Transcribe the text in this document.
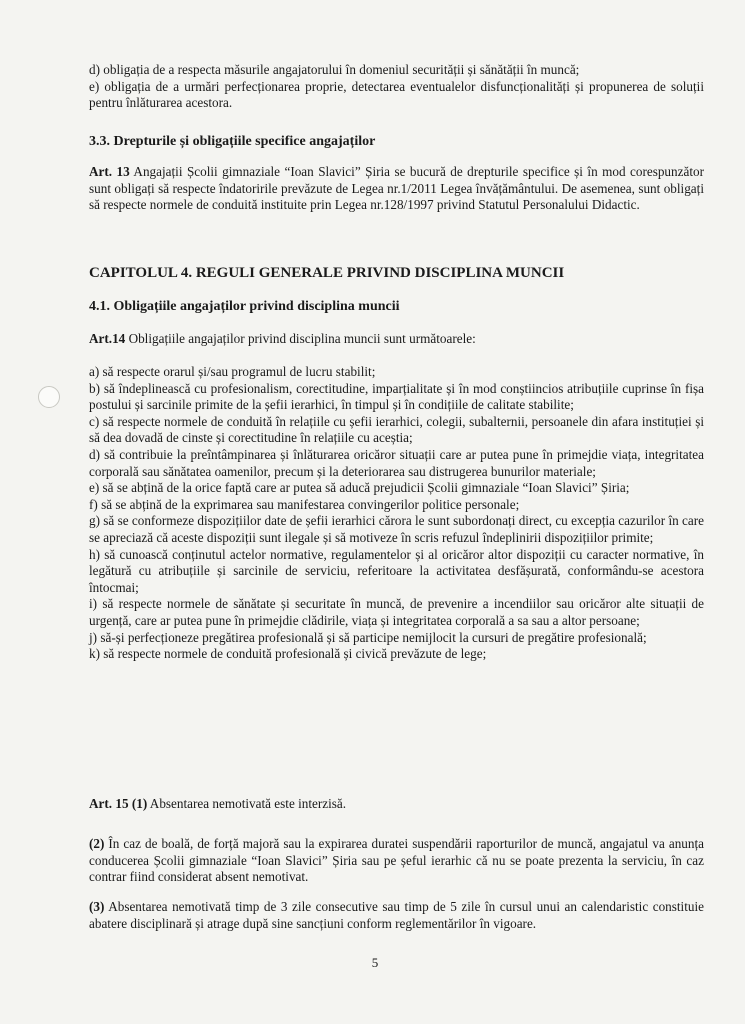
d) obligația de a respecta măsurile angajatorului în domeniul securității și sănătății în muncă;

e) obligația de a urmări perfecționarea proprie, detectarea eventualelor disfuncționalități și propunerea de soluții pentru înlăturarea acestora.

3.3. Drepturile și obligațiile specifice angajaților

Art. 13 Angajații Școlii gimnaziale “Ioan Slavici” Șiria se bucură de drepturile specifice și în mod corespunzător sunt obligați să respecte îndatoririle prevăzute de Legea nr.1/2011 Legea învățământului. De asemenea, sunt obligați să respecte normele de conduită instituite prin Legea nr.128/1997 privind Statutul Personalului Didactic.

CAPITOLUL 4. REGULI GENERALE PRIVIND DISCIPLINA MUNCII

4.1. Obligațiile angajaților privind disciplina muncii

Art.14 Obligațiile angajaților privind disciplina muncii sunt următoarele:

a) să respecte orarul și/sau programul de lucru stabilit;

b) să îndeplinească cu profesionalism, corectitudine, imparțialitate și în mod conștiincios atribuțiile cuprinse în fișa postului și sarcinile primite de la șefii ierarhici, în timpul și în condițiile de calitate stabilite;

c) să respecte normele de conduită în relațiile cu șefii ierarhici, colegii, subalternii, persoanele din afara instituției și să dea dovadă de cinste și corectitudine în relațiile cu aceștia;

d) să contribuie la preîntâmpinarea și înlăturarea oricăror situații care ar putea pune în primejdie viața, integritatea corporală sau sănătatea oamenilor, precum și la deteriorarea sau distrugerea bunurilor materiale;

e) să se abțină de la orice faptă care ar putea să aducă prejudicii Școlii gimnaziale “Ioan Slavici” Șiria;

f) să se abțină de la exprimarea sau manifestarea convingerilor politice personale;

g) să se conformeze dispozițiilor date de șefii ierarhici cărora le sunt subordonați direct, cu excepția cazurilor în care se apreciază că aceste dispoziții sunt ilegale și să motiveze în scris refuzul îndeplinirii dispozițiilor primite;

h) să cunoască conținutul actelor normative, regulamentelor și al oricăror altor dispoziții cu caracter normative, în legătură cu atribuțiile și sarcinile de serviciu, referitoare la activitatea desfășurată, conformându-se acestora întocmai;

i) să respecte normele de sănătate și securitate în muncă, de prevenire a incendiilor sau oricăror alte situații de urgență, care ar putea pune în primejdie clădirile, viața și integritatea corporală a sa sau a altor persoane;

j) să-și perfecționeze pregătirea profesională și să participe nemijlocit la cursuri de pregătire profesională;

k) să respecte normele de conduită profesională și civică prevăzute de lege;

Art. 15 (1) Absentarea nemotivată este interzisă.

(2) În caz de boală, de forță majoră sau la expirarea duratei suspendării raporturilor de muncă, angajatul va anunța conducerea Școlii gimnaziale “Ioan Slavici” Șiria sau pe șeful ierarhic că nu se poate prezenta la serviciu, în caz contrar fiind considerat absent nemotivat.

(3) Absentarea nemotivată timp de 3 zile consecutive sau timp de 5 zile în cursul unui an calendaristic constituie abatere disciplinară și atrage după sine sancțiuni conform reglementărilor în vigoare.

5
